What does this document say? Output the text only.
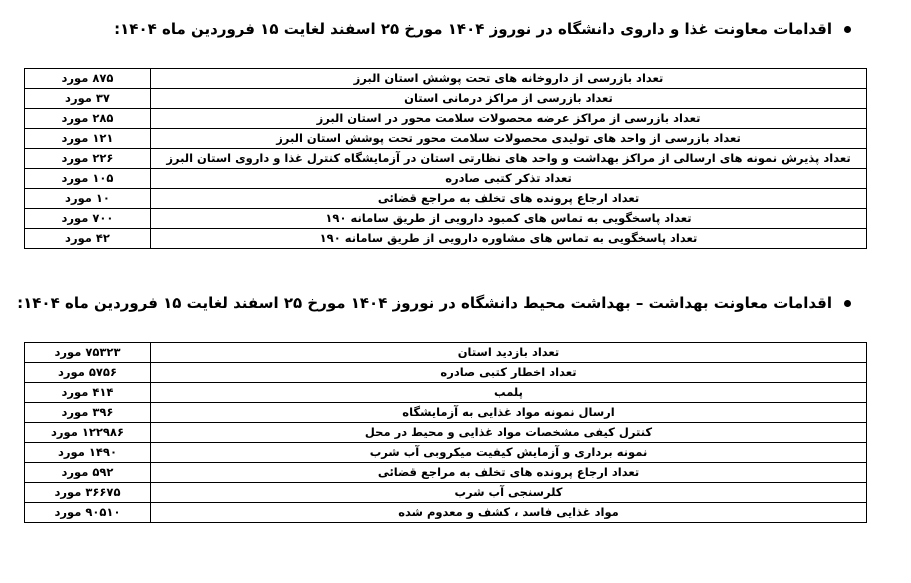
اقدامات معاونت غذا و داروی دانشگاه در نوروز ۱۴۰۴ مورخ ۲۵ اسفند لغایت ۱۵ فروردین ماه ۱۴۰۴:
تعداد بازرسی از داروخانه های تحت پوشش استان البرز	۸۷۵ مورد
تعداد بازرسی از مراکز درمانی استان	۳۷ مورد
تعداد بازرسی از مراکز عرضه محصولات سلامت محور در استان البرز	۲۸۵ مورد
تعداد بازرسی از واحد های تولیدی محصولات سلامت محور تحت پوشش استان البرز	۱۲۱ مورد
تعداد پذیرش نمونه های ارسالی از مراکز بهداشت و واحد های نظارتی استان در آزمایشگاه کنترل غذا و داروی استان البرز	۲۲۶ مورد
تعداد تذکر کتبی صادره	۱۰۵ مورد
تعداد ارجاع پرونده های تخلف به مراجع قضائی	۱۰ مورد
تعداد پاسخگویی به تماس های کمبود دارویی از طریق سامانه ۱۹۰	۷۰۰ مورد
تعداد پاسخگویی به تماس های مشاوره دارویی از طریق سامانه ۱۹۰	۴۲ مورد
اقدامات معاونت بهداشت – بهداشت محیط دانشگاه در نوروز ۱۴۰۴ مورخ ۲۵ اسفند لغایت ۱۵ فروردین ماه ۱۴۰۴:
تعداد بازدید استان	۷۵۳۲۳ مورد
تعداد اخطار کتبی صادره	۵۷۵۶ مورد
پلمب	۴۱۴ مورد
ارسال نمونه مواد غذایی به آزمایشگاه	۳۹۶ مورد
کنترل کیفی مشخصات مواد غذایی و محیط در محل	۱۲۲۹۸۶ مورد
نمونه برداری و آزمایش کیفیت میکروبی آب شرب	۱۴۹۰ مورد
تعداد ارجاع پرونده های تخلف به مراجع قضائی	۵۹۲ مورد
کلرسنجی آب شرب	۳۶۶۷۵ مورد
مواد غذایی فاسد ، کشف و معدوم شده	۹۰۵۱۰ مورد
